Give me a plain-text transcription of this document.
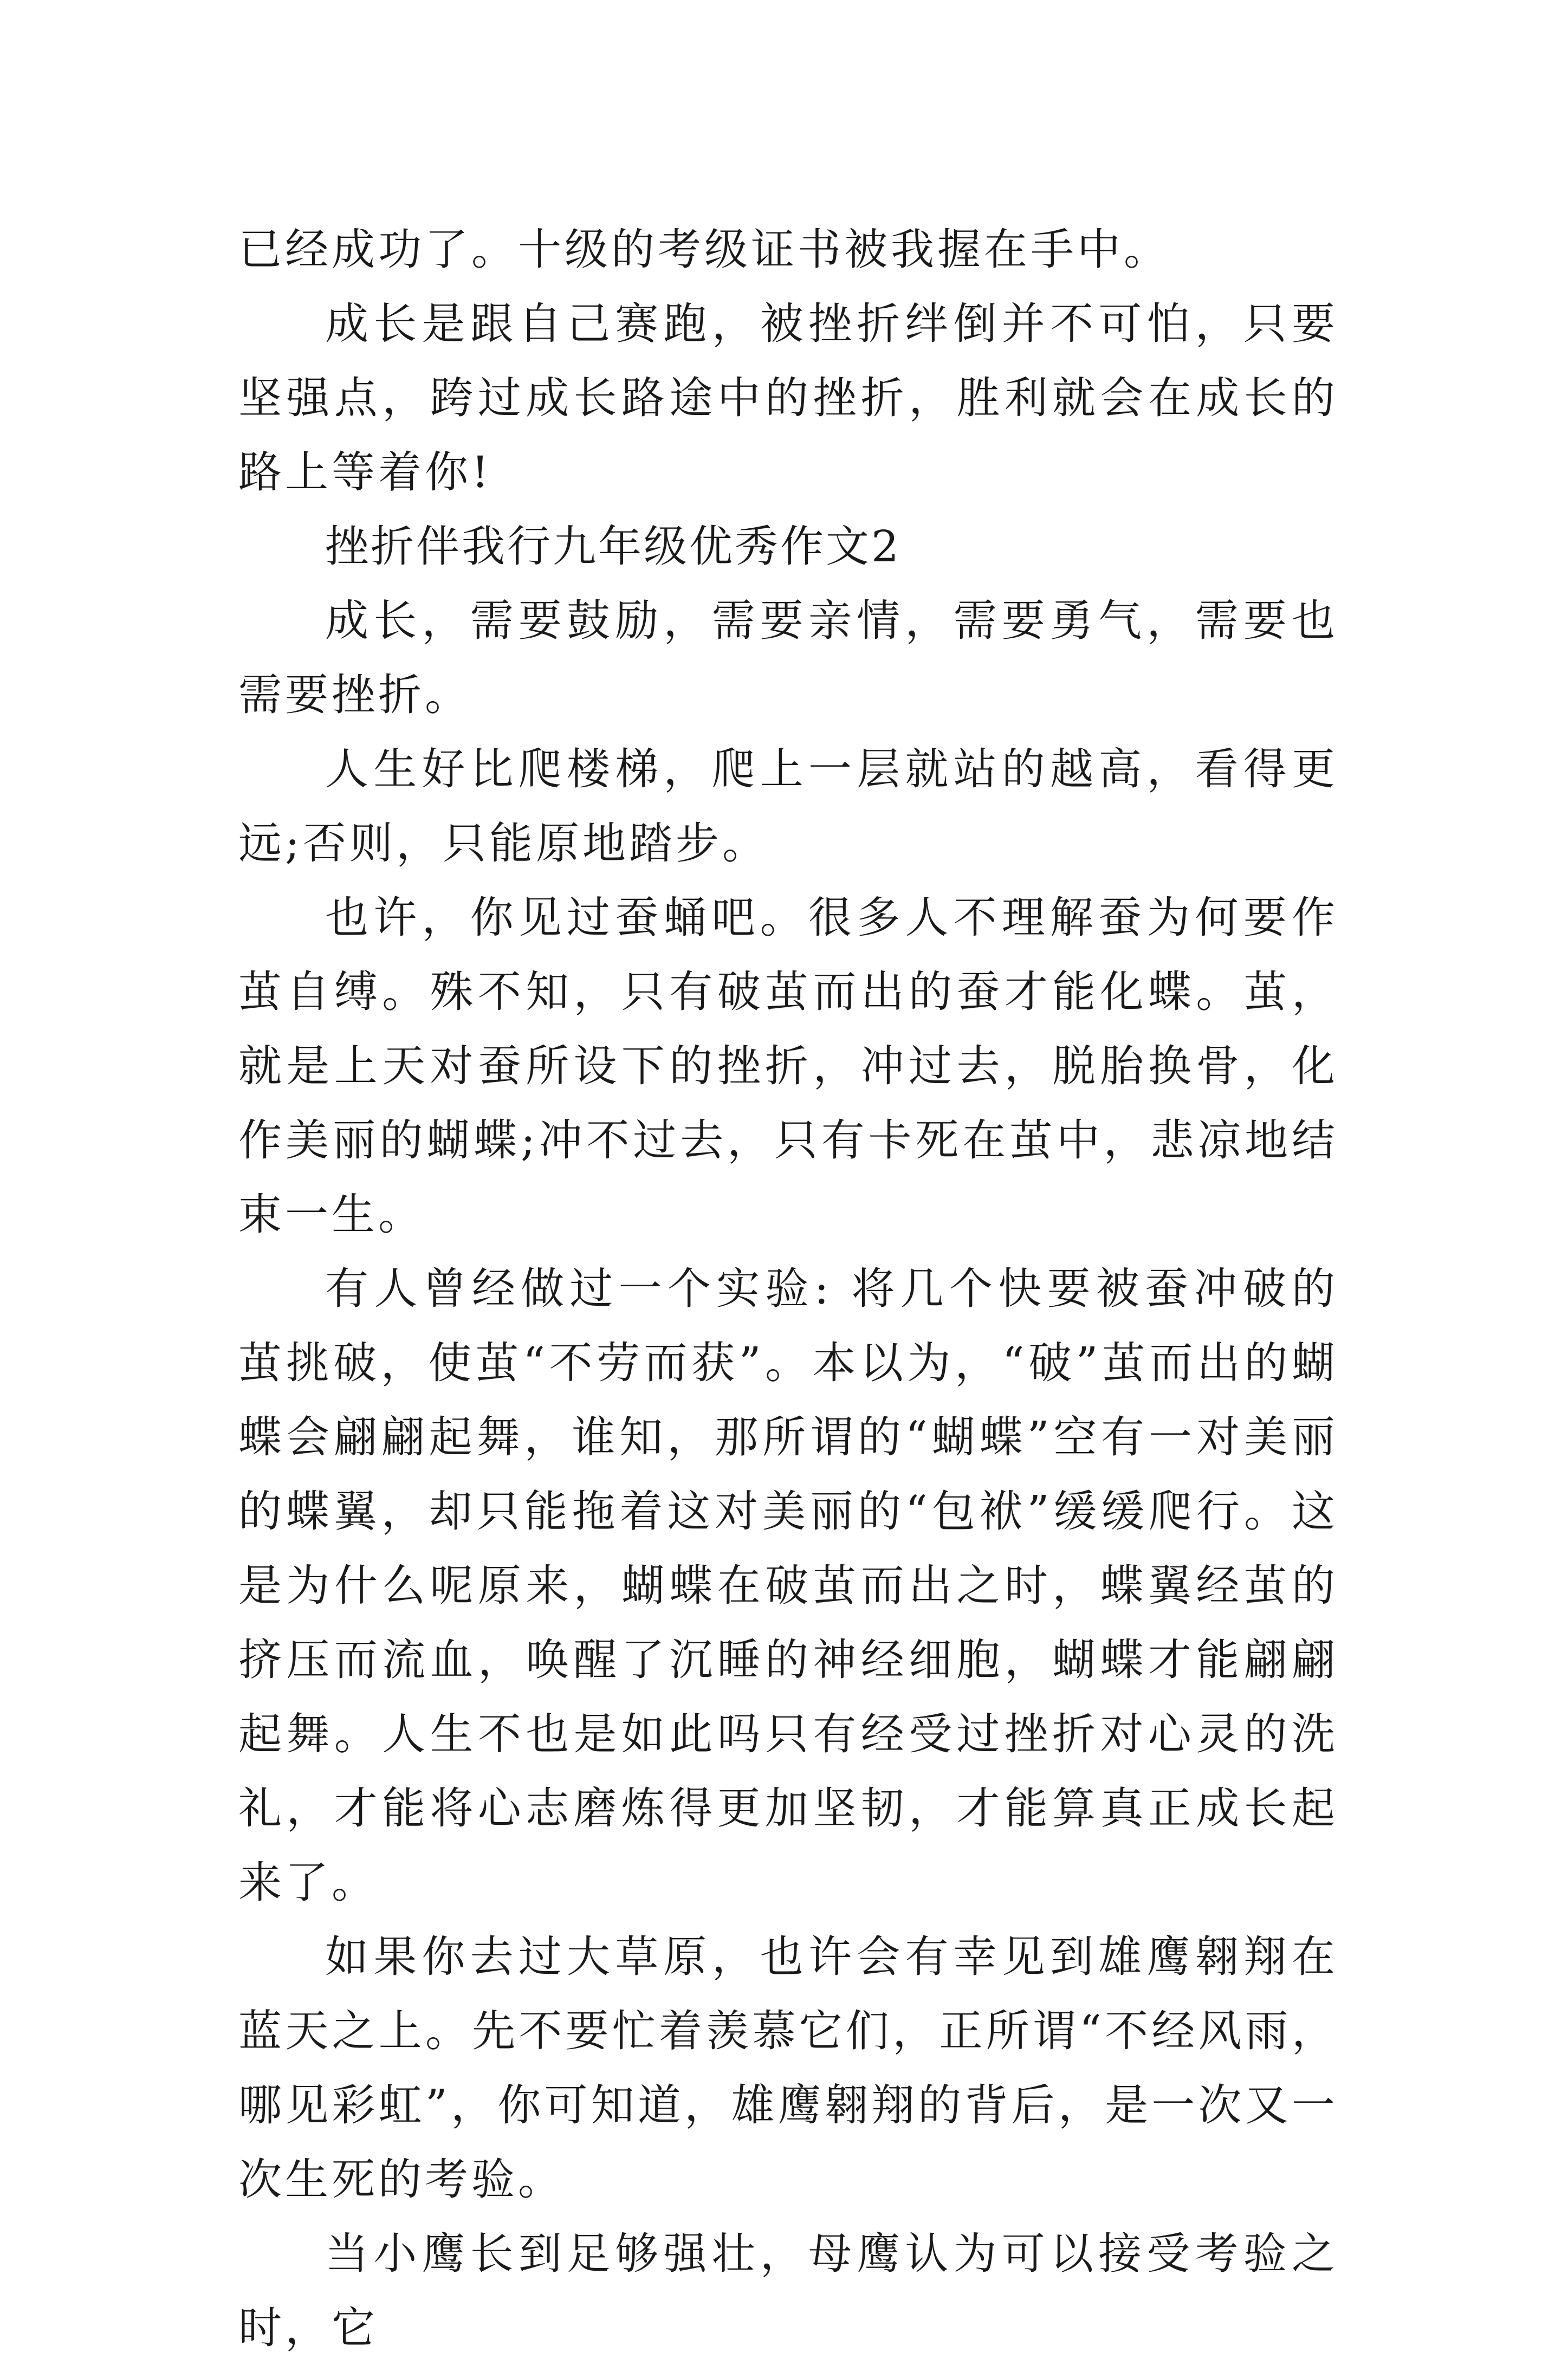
已经成功了。十级的考级证书被我握在手中。

成长是跟自己赛跑，被挫折绊倒并不可怕，只要坚强点，跨过成长路途中的挫折，胜利就会在成长的路上等着你!

挫折伴我行九年级优秀作文2

成长，需要鼓励，需要亲情，需要勇气，需要也需要挫折。

人生好比爬楼梯，爬上一层就站的越高，看得更远;否则，只能原地踏步。

也许，你见过蚕蛹吧。很多人不理解蚕为何要作茧自缚。殊不知，只有破茧而出的蚕才能化蝶。茧，就是上天对蚕所设下的挫折，冲过去，脱胎换骨，化作美丽的蝴蝶;冲不过去，只有卡死在茧中，悲凉地结束一生。

有人曾经做过一个实验: 将几个快要被蚕冲破的茧挑破，使茧“不劳而获”。本以为，“破”茧而出的蝴蝶会翩翩起舞，谁知，那所谓的“蝴蝶”空有一对美丽的蝶翼，却只能拖着这对美丽的“包袱”缓缓爬行。这是为什么呢原来，蝴蝶在破茧而出之时，蝶翼经茧的挤压而流血，唤醒了沉睡的神经细胞，蝴蝶才能翩翩起舞。人生不也是如此吗只有经受过挫折对心灵的洗礼，才能将心志磨炼得更加坚韧，才能算真正成长起来了。

如果你去过大草原，也许会有幸见到雄鹰翱翔在蓝天之上。先不要忙着羡慕它们，正所谓“不经风雨，哪见彩虹”，你可知道，雄鹰翱翔的背后，是一次又一次生死的考验。

当小鹰长到足够强壮，母鹰认为可以接受考验之时，它
